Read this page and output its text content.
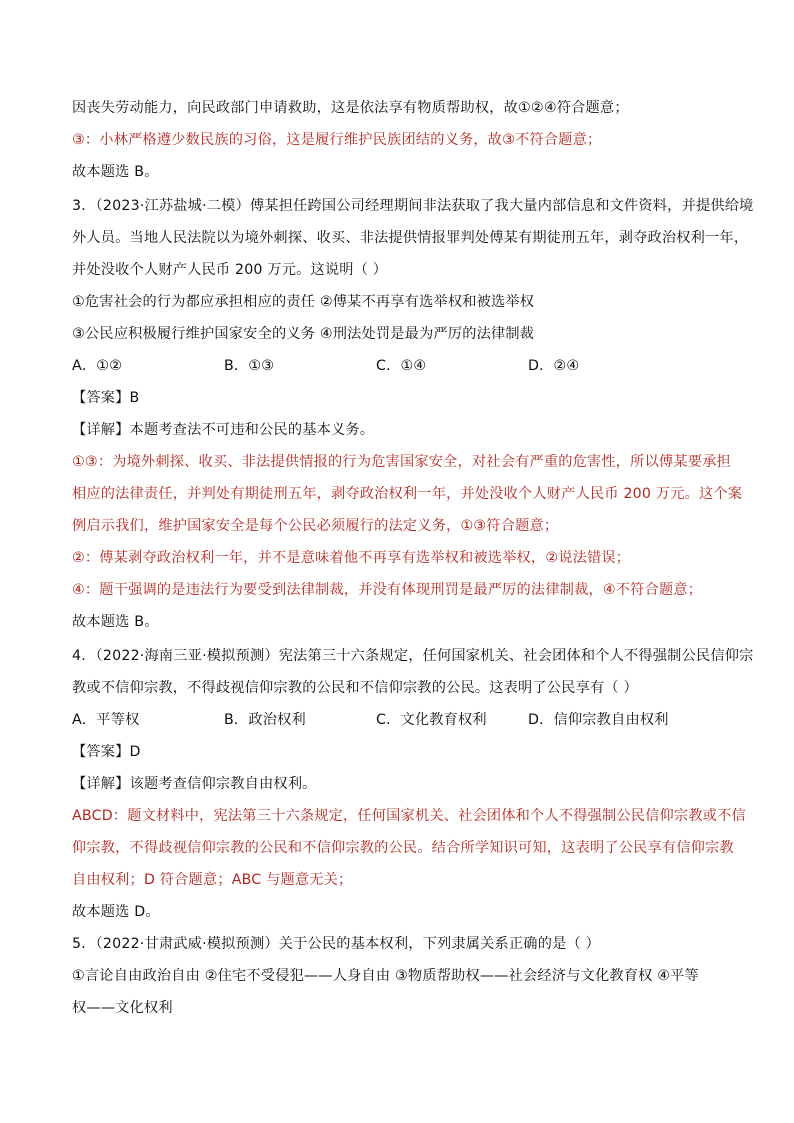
因丧失劳动能力，向民政部门申请救助，这是依法享有物质帮助权，故①②④符合题意；
③：小林严格遵少数民族的习俗，这是履行维护民族团结的义务，故③不符合题意；
故本题选 B。
3．（2023·江苏盐城·二模）傅某担任跨国公司经理期间非法获取了我大量内部信息和文件资料，并提供给境
外人员。当地人民法院以为境外刺探、收买、非法提供情报罪判处傅某有期徒刑五年，剥夺政治权利一年，
并处没收个人财产人民币 200 万元。这说明（ ）
①危害社会的行为都应承担相应的责任 ②傅某不再享有选举权和被选举权
③公民应积极履行维护国家安全的义务 ④刑法处罚是最为严厉的法律制裁
A．①②	B．①③	C．①④	D．②④
【答案】B
【详解】本题考查法不可违和公民的基本义务。
①③：为境外刺探、收买、非法提供情报的行为危害国家安全，对社会有严重的危害性，所以傅某要承担
相应的法律责任，并判处有期徒刑五年，剥夺政治权利一年，并处没收个人财产人民币 200 万元。这个案
例启示我们，维护国家安全是每个公民必须履行的法定义务，①③符合题意；
②：傅某剥夺政治权利一年，并不是意味着他不再享有选举权和被选举权，②说法错误；
④：题干强调的是违法行为要受到法律制裁，并没有体现刑罚是最严厉的法律制裁，④不符合题意；
故本题选 B。
4．（2022·海南三亚·模拟预测）宪法第三十六条规定，任何国家机关、社会团体和个人不得强制公民信仰宗
教或不信仰宗教，不得歧视信仰宗教的公民和不信仰宗教的公民。这表明了公民享有（ ）
A．平等权	B．政治权利	C．文化教育权利	D．信仰宗教自由权利
【答案】D
【详解】该题考查信仰宗教自由权利。
ABCD：题文材料中，宪法第三十六条规定，任何国家机关、社会团体和个人不得强制公民信仰宗教或不信
仰宗教，不得歧视信仰宗教的公民和不信仰宗教的公民。结合所学知识可知，这表明了公民享有信仰宗教
自由权利；D 符合题意；ABC 与题意无关；
故本题选 D。
5．（2022·甘肃武威·模拟预测）关于公民的基本权利，下列隶属关系正确的是（ ）
①言论自由政治自由 ②住宅不受侵犯——人身自由 ③物质帮助权——社会经济与文化教育权 ④平等
权——文化权利
